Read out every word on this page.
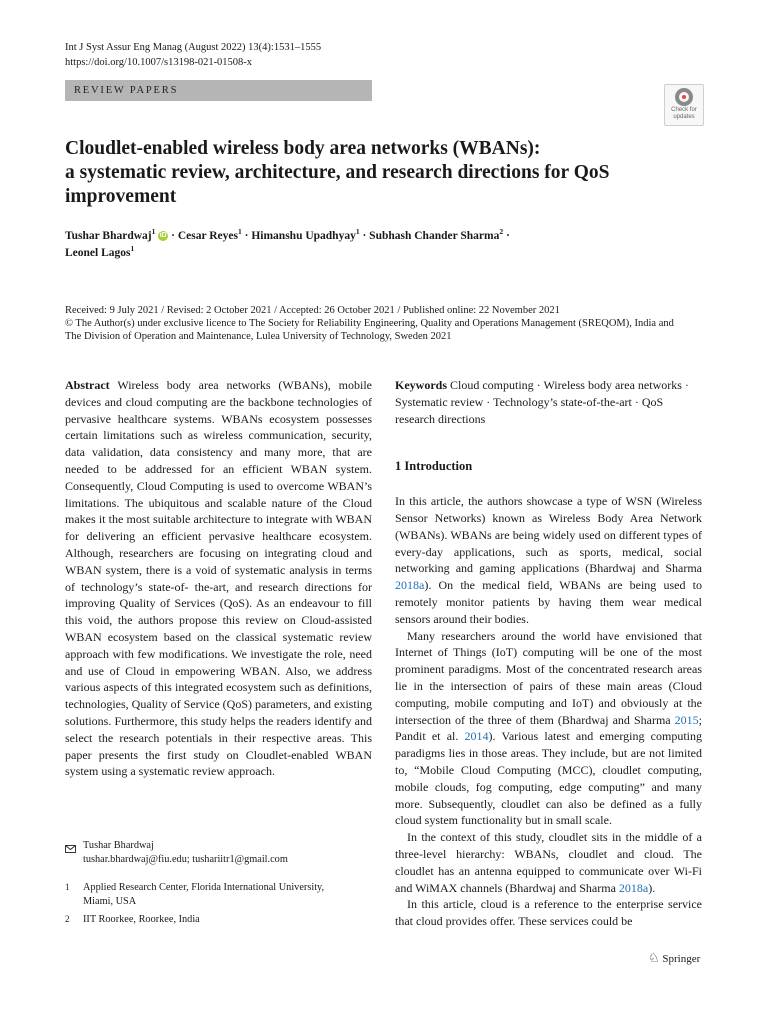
Int J Syst Assur Eng Manag (August 2022) 13(4):1531–1555
https://doi.org/10.1007/s13198-021-01508-x
REVIEW PAPERS
Check for
updates
Cloudlet-enabled wireless body area networks (WBANs):
a systematic review, architecture, and research directions for QoS
improvement
Tushar Bhardwaj$^1$ iD · Cesar Reyes$^1$ · Himanshu Upadhyay$^1$ · Subhash Chander Sharma$^2$ ·
Leonel Lagos$^1$
Received: 9 July 2021 / Revised: 2 October 2021 / Accepted: 26 October 2021 / Published online: 22 November 2021
© The Author(s) under exclusive licence to The Society for Reliability Engineering, Quality and Operations Management (SREQOM), India and
The Division of Operation and Maintenance, Lulea University of Technology, Sweden 2021

Abstract Wireless body area networks (WBANs), mobile devices and cloud computing are the backbone technologies of pervasive healthcare systems. WBANs ecosystem possesses certain limitations such as wireless communication, security, data validation, data consistency and many more, that are needed to be addressed for an efficient WBAN system. Consequently, Cloud Computing is used to overcome WBAN’s limitations. The ubiquitous and scalable nature of the Cloud makes it the most suitable architecture to integrate with WBAN for delivering an efficient pervasive healthcare ecosystem. Although, researchers are focusing on integrating cloud and WBAN system, there is a void of systematic analysis in terms of technology’s state-of- the-art, and research directions for improving Quality of Services (QoS). As an endeavour to fill this void, the authors propose this review on Cloud-assisted WBAN ecosystem based on the classical systematic review approach with few modifications. We investigate the role, need and use of Cloud in empowering WBAN. Also, we address various aspects of this integrated ecosystem such as definitions, technologies, Quality of Service (QoS) parameters, and existing solutions. Furthermore, this study helps the readers identify and select the research potentials in their respective areas. This paper presents the first study on Cloudlet-enabled WBAN system using a systematic review approach.

Keywords Cloud computing · Wireless body area networks · Systematic review · Technology’s state-of-the-art · QoS research directions

1 Introduction

In this article, the authors showcase a type of WSN (Wireless Sensor Networks) known as Wireless Body Area Network (WBANs). WBANs are being widely used on different types of every-day applications, such as sports, medical, social networking and gaming applications (Bhardwaj and Sharma 2018a). On the medical field, WBANs are being used to remotely monitor patients by having them wear medical sensors around their bodies.

Many researchers around the world have envisioned that Internet of Things (IoT) computing will be one of the most prominent paradigms. Most of the concentrated research areas lie in the intersection of pairs of these main areas (Cloud computing, mobile computing and IoT) and obviously at the intersection of the three of them (Bhardwaj and Sharma 2015; Pandit et al. 2014). Various latest and emerging computing paradigms lies in those areas. They include, but are not limited to, “Mobile Cloud Computing (MCC), cloudlet computing, mobile clouds, fog computing, edge computing” and many more. Subsequently, cloudlet can also be defined as a fully cloud system functionality but in small scale.

In the context of this study, cloudlet sits in the middle of a three-level hierarchy: WBANs, cloudlet and cloud. The cloudlet has an antenna equipped to communicate over Wi-Fi and WiMAX channels (Bhardwaj and Sharma 2018a).

In this article, cloud is a reference to the enterprise service that cloud provides offer. These services could be

Tushar Bhardwaj
tushar.bhardwaj@fiu.edu; tushariitr1@gmail.com
1 Applied Research Center, Florida International University,
Miami, USA
2 IIT Roorkee, Roorkee, India
♘ Springer
